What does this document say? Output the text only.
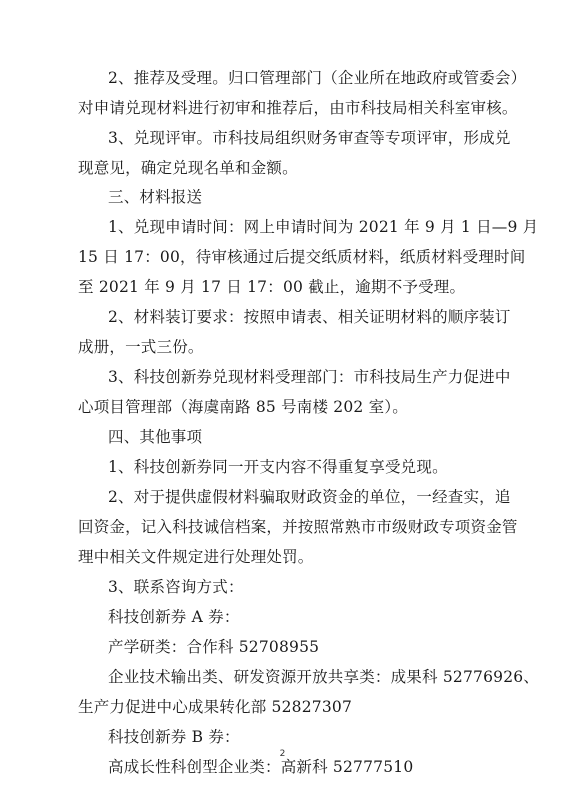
2、推荐及受理。归口管理部门（企业所在地政府或管委会）
对申请兑现材料进行初审和推荐后，由市科技局相关科室审核。
3、兑现评审。市科技局组织财务审查等专项评审，形成兑
现意见，确定兑现名单和金额。
三、材料报送
1、兑现申请时间：网上申请时间为 2021 年 9 月 1 日—9 月
15 日 17：00，待审核通过后提交纸质材料，纸质材料受理时间
至 2021 年 9 月 17 日 17：00 截止，逾期不予受理。
2、材料装订要求：按照申请表、相关证明材料的顺序装订
成册，一式三份。
3、科技创新券兑现材料受理部门：市科技局生产力促进中
心项目管理部（海虞南路 85 号南楼 202 室）。
四、其他事项
1、科技创新券同一开支内容不得重复享受兑现。
2、对于提供虚假材料骗取财政资金的单位，一经查实，追
回资金，记入科技诚信档案，并按照常熟市市级财政专项资金管
理中相关文件规定进行处理处罚。
3、联系咨询方式：
科技创新券 A 券：
产学研类：合作科 52708955
企业技术输出类、研发资源开放共享类：成果科 52776926、
生产力促进中心成果转化部 52827307
科技创新券 B 券：
高成长性科创型企业类：高新科 52777510
2
